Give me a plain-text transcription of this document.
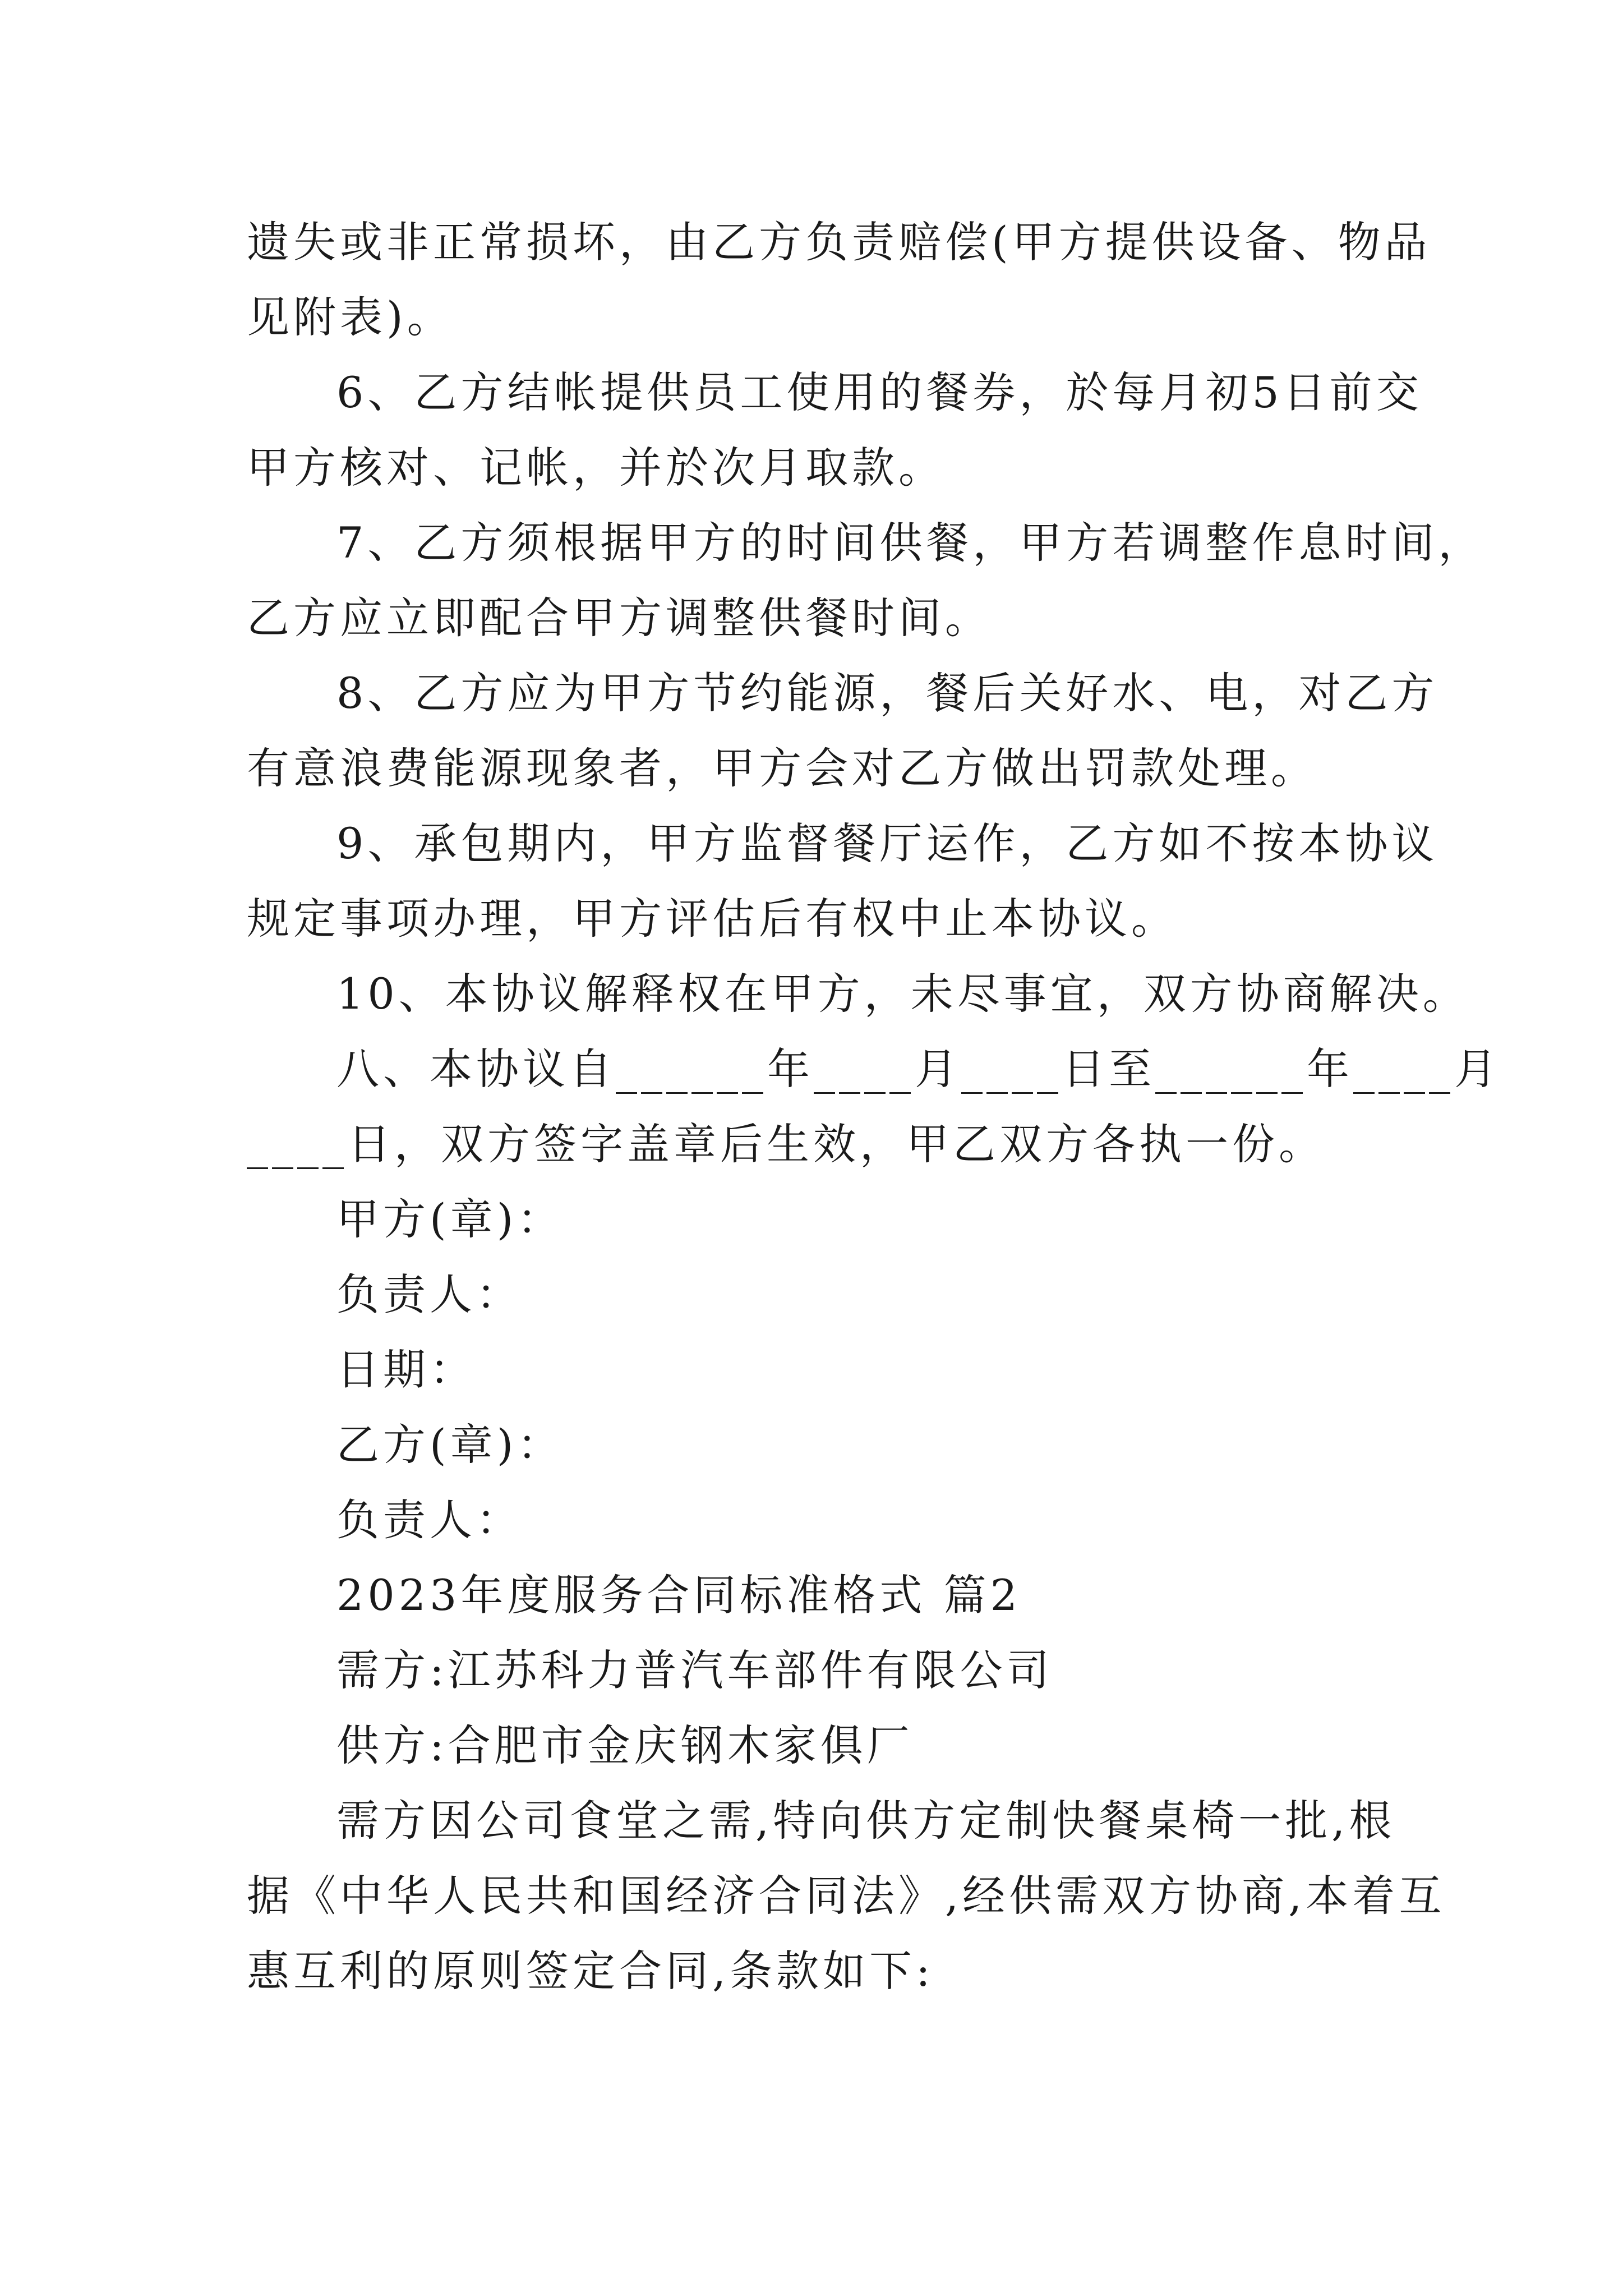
遗失或非正常损坏，由乙方负责赔偿(甲方提供设备、物品
见附表)。
6、乙方结帐提供员工使用的餐券，於每月初5日前交
甲方核对、记帐，并於次月取款。
7、乙方须根据甲方的时间供餐，甲方若调整作息时间，
乙方应立即配合甲方调整供餐时间。
8、乙方应为甲方节约能源，餐后关好水、电，对乙方
有意浪费能源现象者，甲方会对乙方做出罚款处理。
9、承包期内，甲方监督餐厅运作，乙方如不按本协议
规定事项办理，甲方评估后有权中止本协议。
10、本协议解释权在甲方，未尽事宜，双方协商解决。
八、本协议自______年____月____日至______年____月
____日，双方签字盖章后生效，甲乙双方各执一份。
甲方(章)：
负责人：
日期：
乙方(章)：
负责人：
2023年度服务合同标准格式 篇2
需方:江苏科力普汽车部件有限公司
供方:合肥市金庆钢木家俱厂
需方因公司食堂之需,特向供方定制快餐桌椅一批,根
据《中华人民共和国经济合同法》,经供需双方协商,本着互
惠互利的原则签定合同,条款如下:
